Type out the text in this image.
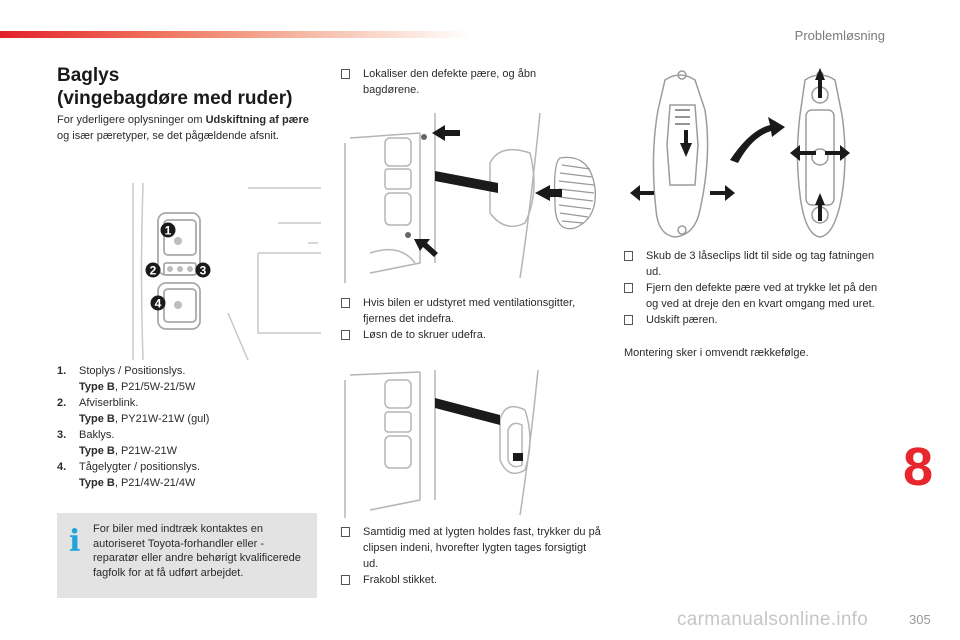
Problemløsning
Baglys
(vingebagdøre med ruder)
For yderligere oplysninger om Udskiftning af pære og især pæretyper, se det pågældende afsnit.
1
2	3
4
1. Stoplys / Positionslys.
Type B, P21/5W-21/5W
2. Afviserblink.
Type B, PY21W-21W (gul)
3. Baklys.
Type B, P21W-21W
4. Tågelygter / positionslys.
Type B, P21/4W-21/4W
i For biler med indtræk kontaktes en autoriseret Toyota-forhandler eller -reparatør eller andre behørigt kvalificerede fagfolk for at få udført arbejdet.
Lokaliser den defekte pære, og åbn bagdørene.
Hvis bilen er udstyret med ventilationsgitter, fjernes det indefra.
Løsn de to skruer udefra.
Samtidig med at lygten holdes fast, trykker du på clipsen indeni, hvorefter lygten tages forsigtigt ud.
Frakobl stikket.
Skub de 3 låseclips lidt til side og tag fatningen ud.
Fjern den defekte pære ved at trykke let på den og ved at dreje den en kvart omgang med uret.
Udskift pæren.
Montering sker i omvendt rækkefølge.
8
carmanualsonline.info	305
